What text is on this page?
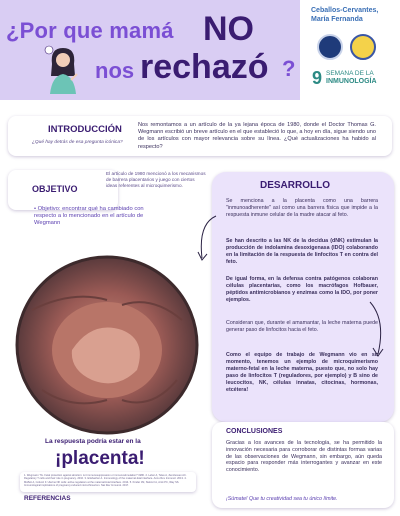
¿Por que mamá NO
nos rechazó ?
Ceballos-Cervantes, María Fernanda
9 SEMANA DE LA
INMUNOLOGÍA
INTRODUCCIÓN
¿Qué hay detrás de esa pregunta icónica?
Nos remontamos a un artículo de la ya lejana época de 1980, donde el Doctor Thomas G. Wegmann escribió un breve artículo en el que estableció lo que, a hoy en día, sigue siendo uno de los artículos con mayor relevancia sobre su línea. ¿Qué actualizaciones ha habido al respecto?
OBJETIVO
El artículo de 1980 mencionó a los mecanismos de barrera placentarios y juego con ciertos ideas referentes al microquimerismo.
• Objetivo: encontrar qué ha cambiado con respecto a lo mencionado en el artículo de Wegmann
La respuesta podría estar en la
¡placenta!
DESARROLLO
Se menciona a la placenta como una barrera "inmunoadherente" así como una barrera física que impide a la respuesta inmune celular de la madre atacar al feto.
Se han descrito a las NK de la decidua (dNK) estimulan la producción de indolamina desoxigenasa (IDO) colaborando en la limitación de la respuesta de linfocitos T en contra del feto.
De igual forma, en la defensa contra patógenos colaboran células placentarias, como los macrófagos Hofbauer, péptidos antimicrobianos y enzimas como la IDO, por poner ejemplos.
Consideran que, durante el amamantar, la leche materna puede generar paso de linfocitos hacia el feto.
Como el equipo de trabajo de Wegmann vio en su momento, tenemos un ejemplo de microquimerismo materno-fetal en la leche materna, puesto que, no solo hay paso de linfocitos T (reguladores, por ejemplo) y B sino de leucocitos, NK, células innatas, citocinas, hormonas, etcétera!
1. Wegmann TG. Fetal protection against abortion: is it immunosuppression or immunostimulation? 1980. 2. Leber A, Teles A, Zenclussen AC. Regulatory T cells and their role in pregnancy. 2010. 3. Erlebacher A. Immunology of the maternal-fetal interface. Annu Rev Immunol. 2013. 4. Moffett A, Colucci F. Uterine NK cells: active regulators at the maternal-fetal interface. 2014. 5. Kinder JM, Stelzer IA, Arck PC, Way SS. Immunological implications of pregnancy-induced microchimerism. Nat Rev Immunol. 2017.
REFERENCIAS
CONCLUSIONES
Gracias a los avances de la tecnología, se ha permitido la innovación necesaria para corroborar de distintas formas varias de las observaciones de Wegmann, sin embargo, aún queda espacio para responder más interrogantes y avanzar en este conocimiento.
¡Súmate! Que tu creatividad sea tu único límite.
